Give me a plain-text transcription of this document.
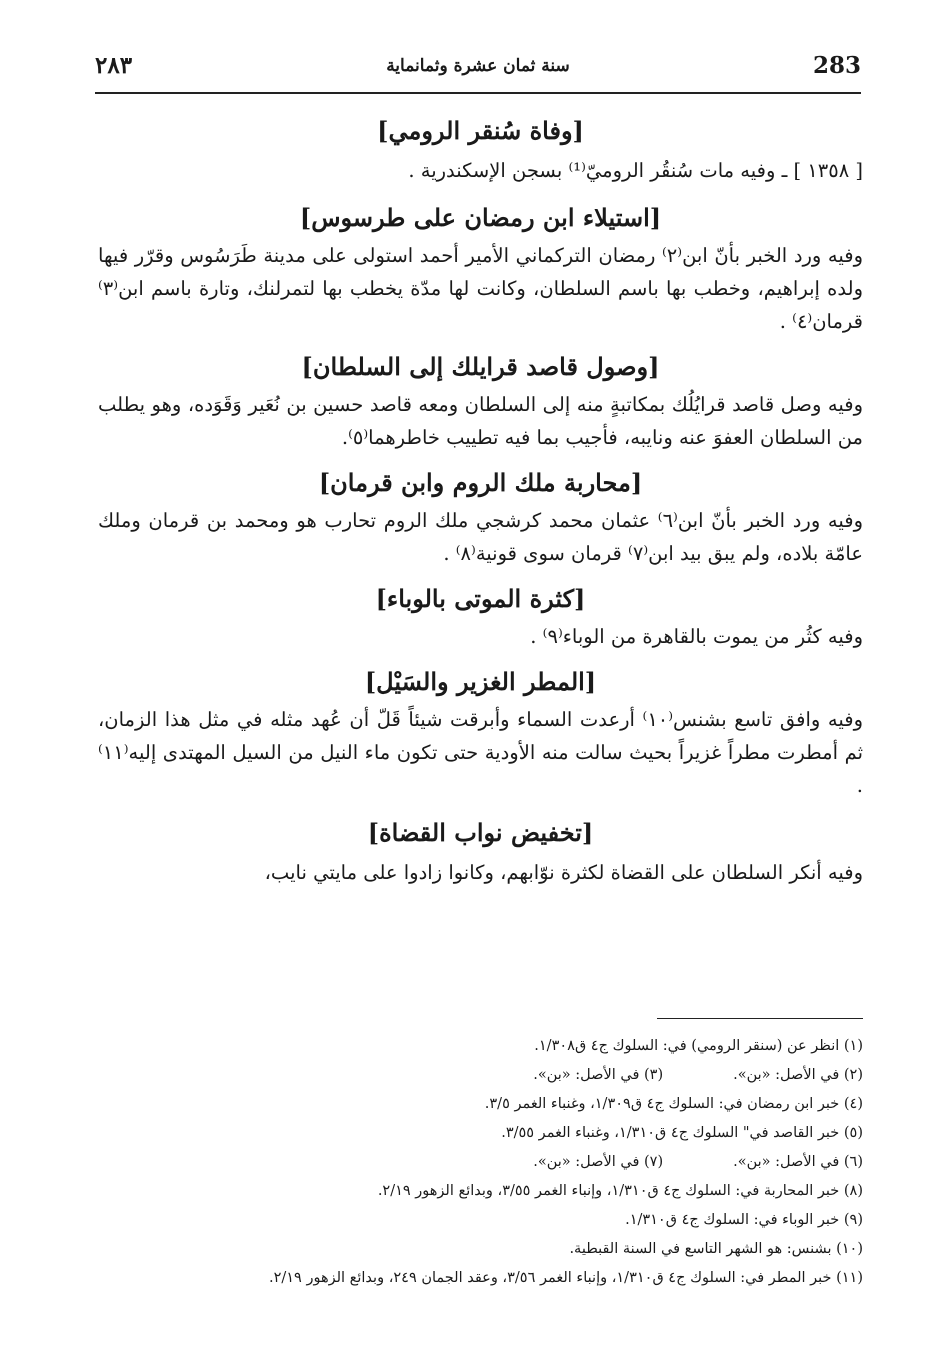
283
سنة ثمان عشرة وثمانماية
٢٨٣
[وفاة سُنقر الرومي]

[ ١٣٥٨ ] ـ وفيه مات سُنقُر الروميّ⁽¹⁾ بسجن الإسكندرية .

[استيلاء ابن رمضان على طرسوس]

وفيه ورد الخبر بأنّ ابن⁽٢⁾ رمضان التركماني الأمير أحمد استولى على مدينة طَرَسُوس وقرّر فيها ولده إبراهيم، وخطب بها باسم السلطان، وكانت لها مدّة يخطب بها لتمرلنك، وتارة باسم ابن⁽٣⁾ قرمان⁽٤⁾ .

[وصول قاصد قرايلك إلى السلطان]

وفيه وصل قاصد قرايُلُك بمكاتبةٍ منه إلى السلطان ومعه قاصد حسين بن نُعَير وَقَوَده، وهو يطلب من السلطان العفوَ عنه ونايبه، فأجيب بما فيه تطييب خاطرهما⁽٥⁾.

[محاربة ملك الروم وابن قرمان]

وفيه ورد الخبر بأنّ ابن⁽٦⁾ عثمان محمد كرشجي ملك الروم تحارب هو ومحمد بن قرمان وملك عامّة بلاده، ولم يبق بيد ابن⁽٧⁾ قرمان سوى قونية⁽٨⁾ .

[كثرة الموتى بالوباء]

وفيه كثُر من يموت بالقاهرة من الوباء⁽٩⁾ .

[المطر الغزير والسَيْل]

وفيه وافق تاسع بشنس⁽١٠⁾ أرعدت السماء وأبرقت شيئاً قَلّ أن عُهد مثله في مثل هذا الزمان، ثم أمطرت مطراً غزيراً بحيث سالت منه الأودية حتى تكون ماء النيل من السيل المهتدى إليه⁽١١⁾ .

[تخفيض نواب القضاة]

وفيه أنكر السلطان على القضاة لكثرة نوّابهم، وكانوا زادوا على مايتي نايب،

(١) انظر عن (سنقر الرومي) في: السلوك ج٤ ق١/٣٠٨.
(٢) في الأصل: «بن».(٣) في الأصل: «بن».
(٤) خبر ابن رمضان في: السلوك ج٤ ق١/٣٠٩، وغنباء الغمر ٣/٥.
(٥) خبر القاصد في" السلوك ج٤ ق١/٣١٠، وغنباء الغمر ٣/٥٥.
(٦) في الأصل: «بن».(٧) في الأصل: «بن».
(٨) خبر المحاربة في: السلوك ج٤ ق١/٣١٠، وإنباء الغمر ٣/٥٥، وبدائع الزهور ٢/١٩.
(٩) خبر الوباء في: السلوك ج٤ ق١/٣١٠.
(١٠) بشنس: هو الشهر التاسع في السنة القبطية.
(١١) خبر المطر في: السلوك ج٤ ق١/٣١٠، وإنباء الغمر ٣/٥٦، وعقد الجمان ٢٤٩، وبدائع الزهور ٢/١٩.
